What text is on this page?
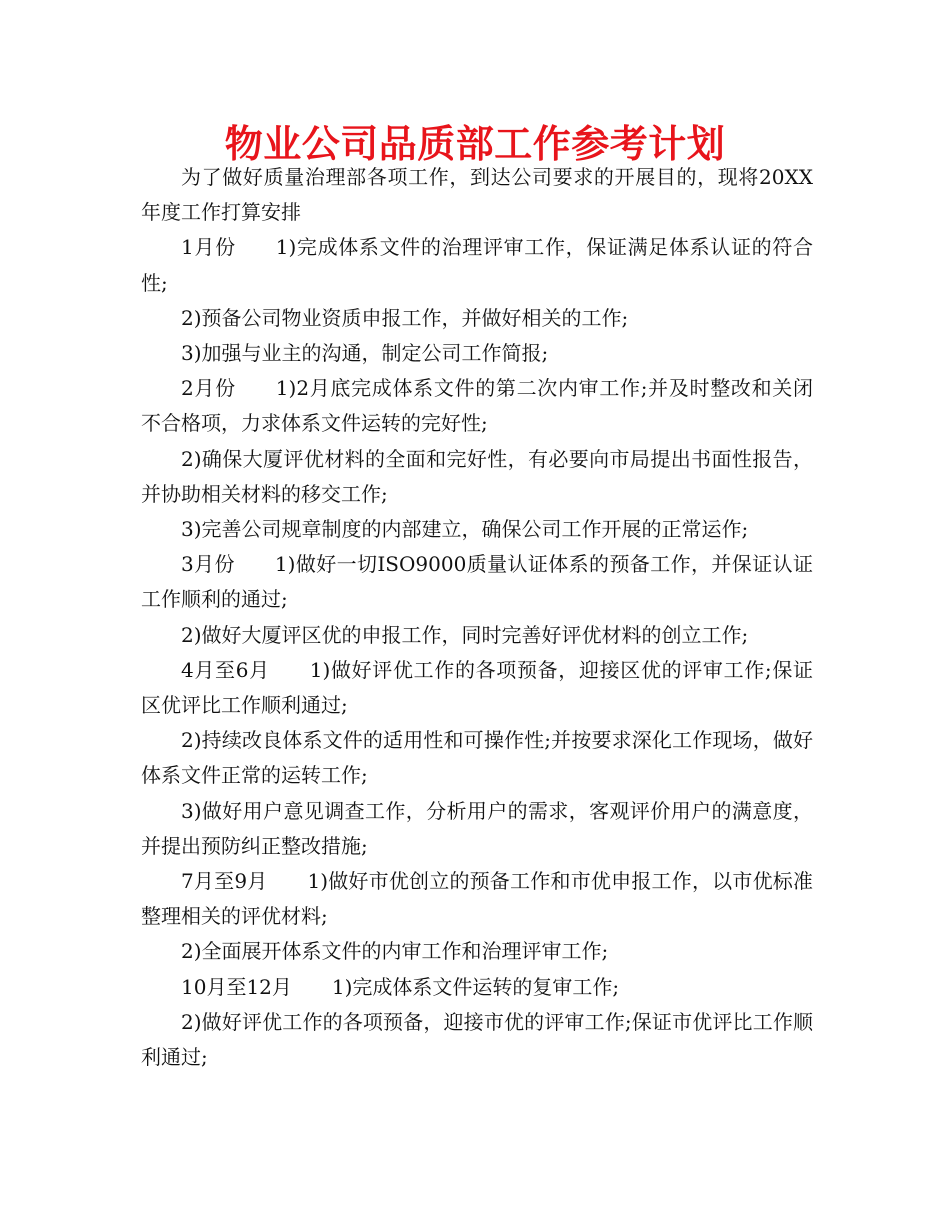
物业公司品质部工作参考计划

为了做好质量治理部各项工作，到达公司要求的开展目的，现将20XX年度工作打算安排

1月份  1)完成体系文件的治理评审工作，保证满足体系认证的符合性;

2)预备公司物业资质申报工作，并做好相关的工作;

3)加强与业主的沟通，制定公司工作简报;

2月份  1)2月底完成体系文件的第二次内审工作;并及时整改和关闭不合格项，力求体系文件运转的完好性;

2)确保大厦评优材料的全面和完好性，有必要向市局提出书面性报告，并协助相关材料的移交工作;

3)完善公司规章制度的内部建立，确保公司工作开展的正常运作;

3月份  1)做好一切ISO9000质量认证体系的预备工作，并保证认证工作顺利的通过;

2)做好大厦评区优的申报工作，同时完善好评优材料的创立工作;

4月至6月  1)做好评优工作的各项预备，迎接区优的评审工作;保证区优评比工作顺利通过;

2)持续改良体系文件的适用性和可操作性;并按要求深化工作现场，做好体系文件正常的运转工作;

3)做好用户意见调查工作，分析用户的需求，客观评价用户的满意度，并提出预防纠正整改措施;

7月至9月  1)做好市优创立的预备工作和市优申报工作，以市优标准整理相关的评优材料;

2)全面展开体系文件的内审工作和治理评审工作;

10月至12月  1)完成体系文件运转的复审工作;

2)做好评优工作的各项预备，迎接市优的评审工作;保证市优评比工作顺利通过;
